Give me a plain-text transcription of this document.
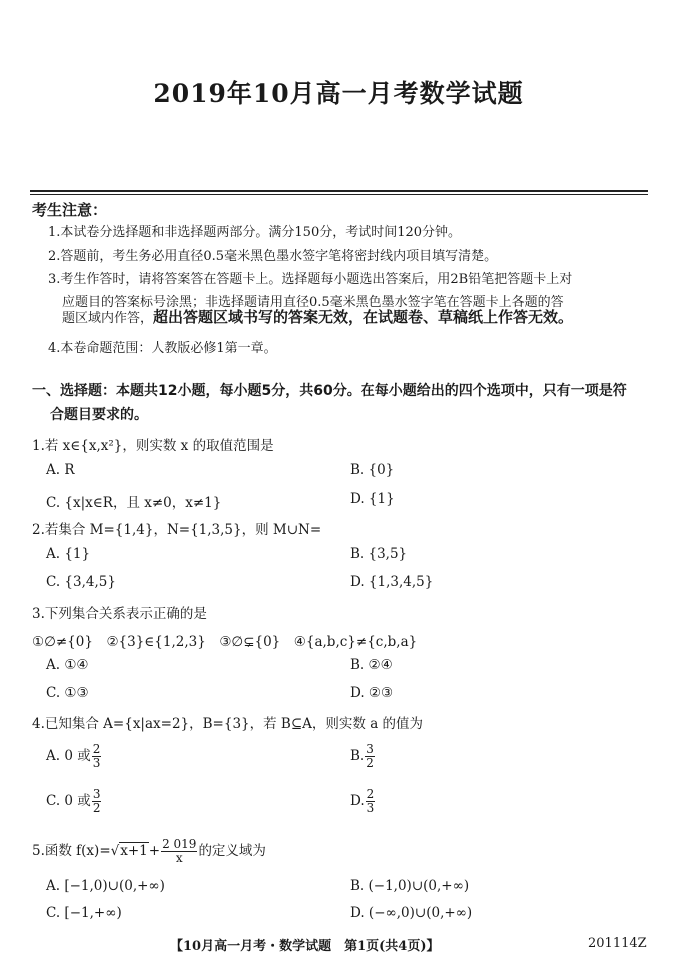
2019年10月高一月考数学试题
考生注意：
1.本试卷分选择题和非选择题两部分。满分150分，考试时间120分钟。
2.答题前，考生务必用直径0.5毫米黑色墨水签字笔将密封线内项目填写清楚。
3.考生作答时，请将答案答在答题卡上。选择题每小题选出答案后，用2B铅笔把答题卡上对
应题目的答案标号涂黑；非选择题请用直径0.5毫米黑色墨水签字笔在答题卡上各题的答
题区域内作答，超出答题区域书写的答案无效，在试题卷、草稿纸上作答无效。
4.本卷命题范围：人教版必修1第一章。
一、选择题：本题共12小题，每小题5分，共60分。在每小题给出的四个选项中，只有一项是符
合题目要求的。
1.若 x∈{x,x²}，则实数 x 的取值范围是
A. R	B. {0}
C. {x|x∈R，且 x≠0，x≠1}	D. {1}
2.若集合 M={1,4}，N={1,3,5}，则 M∪N=
A. {1}	B. {3,5}
C. {3,4,5}	D. {1,3,4,5}
3.下列集合关系表示正确的是
①∅≠{0}　②{3}∈{1,2,3}　③∅⊊{0}　④{a,b,c}≠{c,b,a}
A. ①④	B. ②④
C. ①③	D. ②③
4.已知集合 A={x|ax=2}，B={3}，若 B⊆A，则实数 a 的值为
A. 0 或 $\frac{2}{3}$	B. $\frac{3}{2}$
C. 0 或 $\frac{3}{2}$	D. $\frac{2}{3}$
5.函数 $f(x)=√x+1+ \frac{2 019}{x}$ 的定义域为
A. [−1,0)∪(0,+∞)	B. (−1,0)∪(0,+∞)
C. [−1,+∞)	D. (−∞,0)∪(0,+∞)
【10月高一月考・数学试题　第1页(共4页)】	201114Z
